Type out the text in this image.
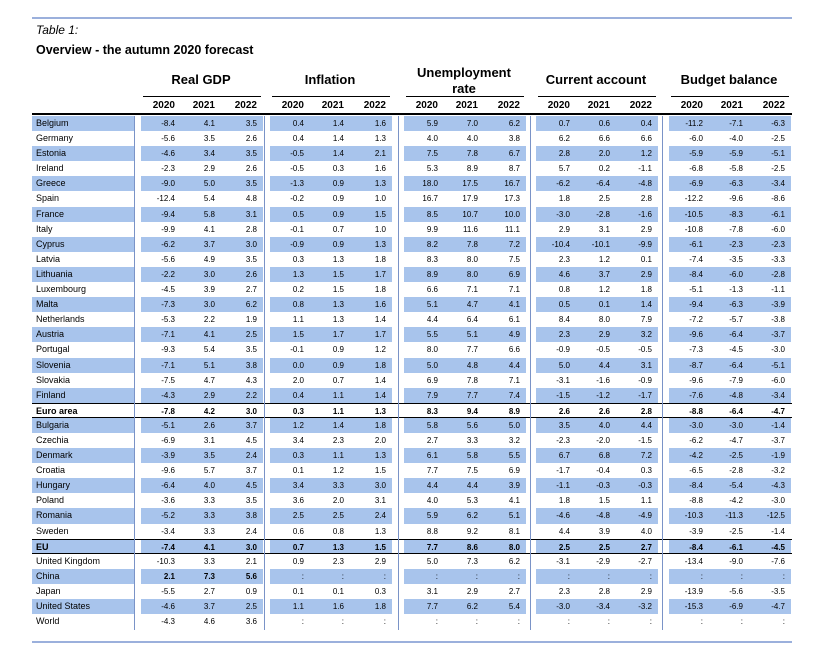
Table 1:
Overview - the autumn 2020 forecast
Real GDP
2020	2021	2022
Inflation
2020	2021	2022
Unemployment rate
2020	2021	2022
Current account
2020	2021	2022
Budget balance
2020	2021	2022
Belgium	-8.4	4.1	3.5	0.4	1.4	1.6	5.9	7.0	6.2	0.7	0.6	0.4	-11.2	-7.1	-6.3
Germany	-5.6	3.5	2.6	0.4	1.4	1.3	4.0	4.0	3.8	6.2	6.6	6.6	-6.0	-4.0	-2.5
Estonia	-4.6	3.4	3.5	-0.5	1.4	2.1	7.5	7.8	6.7	2.8	2.0	1.2	-5.9	-5.9	-5.1
Ireland	-2.3	2.9	2.6	-0.5	0.3	1.6	5.3	8.9	8.7	5.7	0.2	-1.1	-6.8	-5.8	-2.5
Greece	-9.0	5.0	3.5	-1.3	0.9	1.3	18.0	17.5	16.7	-6.2	-6.4	-4.8	-6.9	-6.3	-3.4
Spain	-12.4	5.4	4.8	-0.2	0.9	1.0	16.7	17.9	17.3	1.8	2.5	2.8	-12.2	-9.6	-8.6
France	-9.4	5.8	3.1	0.5	0.9	1.5	8.5	10.7	10.0	-3.0	-2.8	-1.6	-10.5	-8.3	-6.1
Italy	-9.9	4.1	2.8	-0.1	0.7	1.0	9.9	11.6	11.1	2.9	3.1	2.9	-10.8	-7.8	-6.0
Cyprus	-6.2	3.7	3.0	-0.9	0.9	1.3	8.2	7.8	7.2	-10.4	-10.1	-9.9	-6.1	-2.3	-2.3
Latvia	-5.6	4.9	3.5	0.3	1.3	1.8	8.3	8.0	7.5	2.3	1.2	0.1	-7.4	-3.5	-3.3
Lithuania	-2.2	3.0	2.6	1.3	1.5	1.7	8.9	8.0	6.9	4.6	3.7	2.9	-8.4	-6.0	-2.8
Luxembourg	-4.5	3.9	2.7	0.2	1.5	1.8	6.6	7.1	7.1	0.8	1.2	1.8	-5.1	-1.3	-1.1
Malta	-7.3	3.0	6.2	0.8	1.3	1.6	5.1	4.7	4.1	0.5	0.1	1.4	-9.4	-6.3	-3.9
Netherlands	-5.3	2.2	1.9	1.1	1.3	1.4	4.4	6.4	6.1	8.4	8.0	7.9	-7.2	-5.7	-3.8
Austria	-7.1	4.1	2.5	1.5	1.7	1.7	5.5	5.1	4.9	2.3	2.9	3.2	-9.6	-6.4	-3.7
Portugal	-9.3	5.4	3.5	-0.1	0.9	1.2	8.0	7.7	6.6	-0.9	-0.5	-0.5	-7.3	-4.5	-3.0
Slovenia	-7.1	5.1	3.8	0.0	0.9	1.8	5.0	4.8	4.4	5.0	4.4	3.1	-8.7	-6.4	-5.1
Slovakia	-7.5	4.7	4.3	2.0	0.7	1.4	6.9	7.8	7.1	-3.1	-1.6	-0.9	-9.6	-7.9	-6.0
Finland	-4.3	2.9	2.2	0.4	1.1	1.4	7.9	7.7	7.4	-1.5	-1.2	-1.7	-7.6	-4.8	-3.4
Euro area	-7.8	4.2	3.0	0.3	1.1	1.3	8.3	9.4	8.9	2.6	2.6	2.8	-8.8	-6.4	-4.7
Bulgaria	-5.1	2.6	3.7	1.2	1.4	1.8	5.8	5.6	5.0	3.5	4.0	4.4	-3.0	-3.0	-1.4
Czechia	-6.9	3.1	4.5	3.4	2.3	2.0	2.7	3.3	3.2	-2.3	-2.0	-1.5	-6.2	-4.7	-3.7
Denmark	-3.9	3.5	2.4	0.3	1.1	1.3	6.1	5.8	5.5	6.7	6.8	7.2	-4.2	-2.5	-1.9
Croatia	-9.6	5.7	3.7	0.1	1.2	1.5	7.7	7.5	6.9	-1.7	-0.4	0.3	-6.5	-2.8	-3.2
Hungary	-6.4	4.0	4.5	3.4	3.3	3.0	4.4	4.4	3.9	-1.1	-0.3	-0.3	-8.4	-5.4	-4.3
Poland	-3.6	3.3	3.5	3.6	2.0	3.1	4.0	5.3	4.1	1.8	1.5	1.1	-8.8	-4.2	-3.0
Romania	-5.2	3.3	3.8	2.5	2.5	2.4	5.9	6.2	5.1	-4.6	-4.8	-4.9	-10.3	-11.3	-12.5
Sweden	-3.4	3.3	2.4	0.6	0.8	1.3	8.8	9.2	8.1	4.4	3.9	4.0	-3.9	-2.5	-1.4
EU	-7.4	4.1	3.0	0.7	1.3	1.5	7.7	8.6	8.0	2.5	2.5	2.7	-8.4	-6.1	-4.5
United Kingdom	-10.3	3.3	2.1	0.9	2.3	2.9	5.0	7.3	6.2	-3.1	-2.9	-2.7	-13.4	-9.0	-7.6
China	2.1	7.3	5.6	:	:	:	:	:	:	:	:	:	:	:	:
Japan	-5.5	2.7	0.9	0.1	0.1	0.3	3.1	2.9	2.7	2.3	2.8	2.9	-13.9	-5.6	-3.5
United States	-4.6	3.7	2.5	1.1	1.6	1.8	7.7	6.2	5.4	-3.0	-3.4	-3.2	-15.3	-6.9	-4.7
World	-4.3	4.6	3.6	:	:	:	:	:	:	:	:	:	:	:	:
